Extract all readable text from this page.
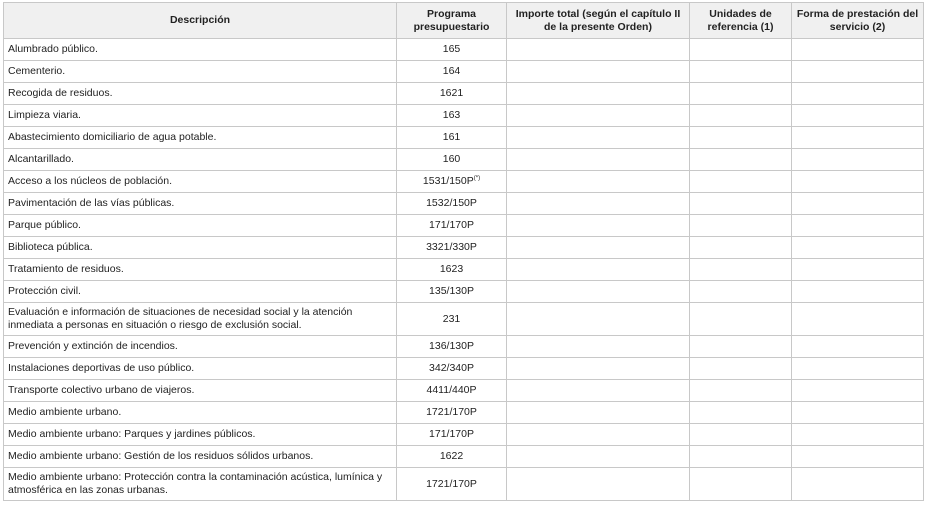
Descripción	Programa presupuestario	Importe total (según el capítulo II de la presente Orden)	Unidades de referencia (1)	Forma de prestación del servicio (2)
Alumbrado público.	165			
Cementerio.	164			
Recogida de residuos.	1621			
Limpieza viaria.	163			
Abastecimiento domiciliario de agua potable.	161			
Alcantarillado.	160			
Acceso a los núcleos de población.	1531/150P(*)			
Pavimentación de las vías públicas.	1532/150P			
Parque público.	171/170P			
Biblioteca pública.	3321/330P			
Tratamiento de residuos.	1623			
Protección civil.	135/130P			
Evaluación e información de situaciones de necesidad social y la atención inmediata a personas en situación o riesgo de exclusión social.	231			
Prevención y extinción de incendios.	136/130P			
Instalaciones deportivas de uso público.	342/340P			
Transporte colectivo urbano de viajeros.	4411/440P			
Medio ambiente urbano.	1721/170P			
Medio ambiente urbano: Parques y jardines públicos.	171/170P			
Medio ambiente urbano: Gestión de los residuos sólidos urbanos.	1622			
Medio ambiente urbano: Protección contra la contaminación acústica, lumínica y atmosférica en las zonas urbanas.	1721/170P			
